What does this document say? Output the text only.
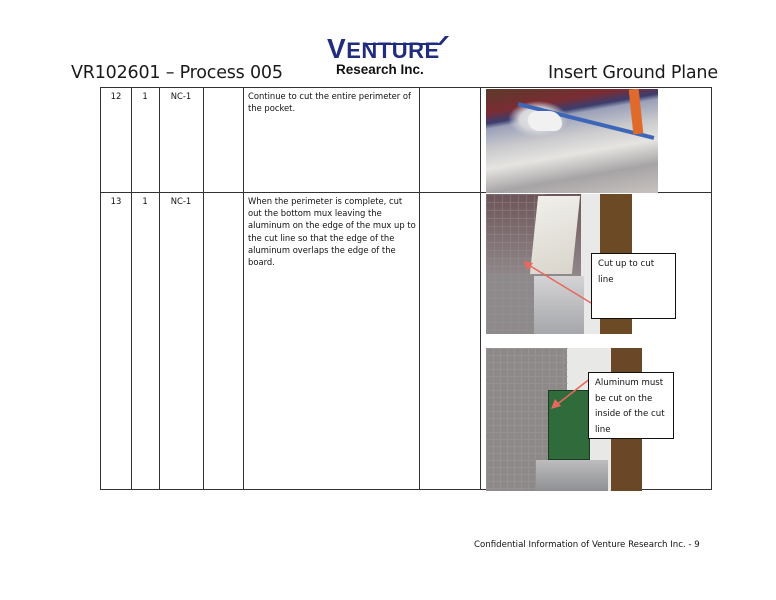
VR102601 – Process 005
VENTURE
Research Inc.	Insert Ground Plane
12	1	NC-1	Continue to cut the entire perimeter of the pocket.
13	1	NC-1	When the perimeter is complete, cut out the bottom mux leaving the aluminum on the edge of the mux up to the cut line so that the edge of the aluminum overlaps the edge of the board.	Cut up to cut line
Aluminum must be cut on the inside of the cut line
Confidential Information of Venture Research Inc. - 9
